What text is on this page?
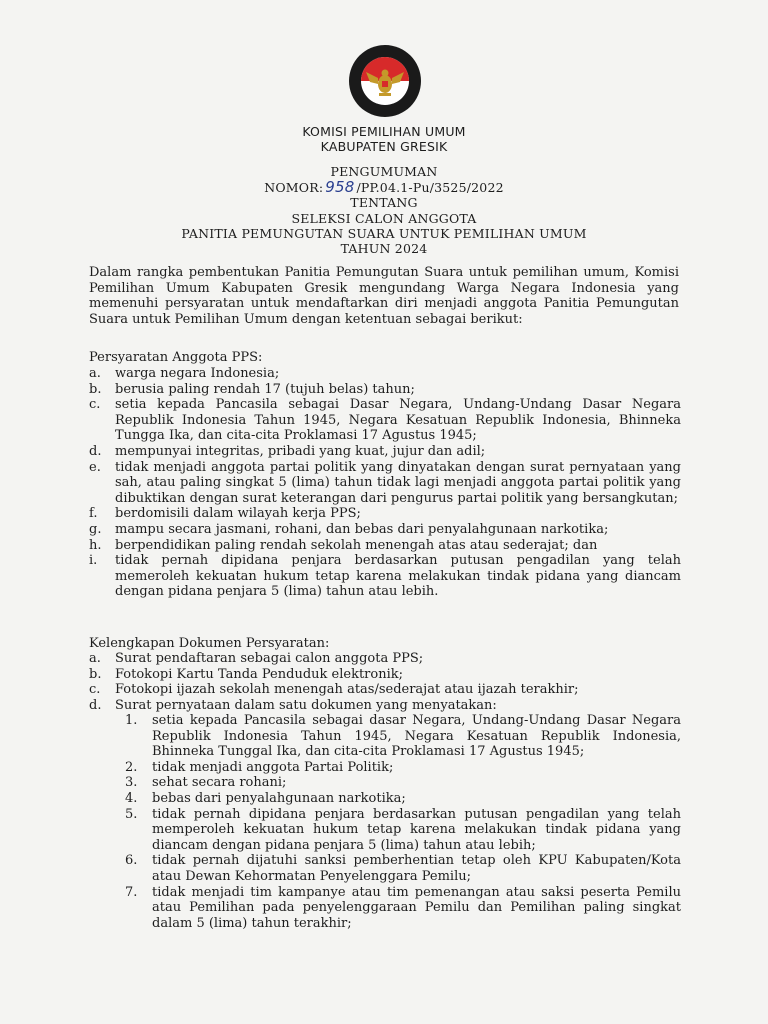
KOMISI PEMILIHAN UMUM
KABUPATEN GRESIK
PENGUMUMAN
NOMOR: 958 /PP.04.1-Pu/3525/2022
TENTANG
SELEKSI CALON ANGGOTA
PANITIA PEMUNGUTAN SUARA UNTUK PEMILIHAN UMUM
TAHUN 2024
Dalam rangka pembentukan Panitia Pemungutan Suara untuk pemilihan umum, Komisi Pemilihan Umum Kabupaten Gresik mengundang Warga Negara Indonesia yang memenuhi persyaratan untuk mendaftarkan diri menjadi anggota Panitia Pemungutan Suara untuk Pemilihan Umum dengan ketentuan sebagai berikut:
Persyaratan Anggota PPS:
a.	warga negara Indonesia;
b.	berusia paling rendah 17 (tujuh belas) tahun;
c.	setia kepada Pancasila sebagai Dasar Negara, Undang-Undang Dasar Negara Republik Indonesia Tahun 1945, Negara Kesatuan Republik Indonesia, Bhinneka Tungga Ika, dan cita-cita Proklamasi 17 Agustus 1945;
d.	mempunyai integritas, pribadi yang kuat, jujur dan adil;
e.	tidak menjadi anggota partai politik yang dinyatakan dengan surat pernyataan yang sah, atau paling singkat 5 (lima) tahun tidak lagi menjadi anggota partai politik yang dibuktikan dengan surat keterangan dari pengurus partai politik yang bersangkutan;
f.	berdomisili dalam wilayah kerja PPS;
g.	mampu secara jasmani, rohani, dan bebas dari penyalahgunaan narkotika;
h.	berpendidikan paling rendah sekolah menengah atas atau sederajat; dan
i.	tidak pernah dipidana penjara berdasarkan putusan pengadilan yang telah memeroleh kekuatan hukum tetap karena melakukan tindak pidana yang diancam dengan pidana penjara 5 (lima) tahun atau lebih.
Kelengkapan Dokumen Persyaratan:
a.	Surat pendaftaran sebagai calon anggota PPS;
b.	Fotokopi Kartu Tanda Penduduk elektronik;
c.	Fotokopi ijazah sekolah menengah atas/sederajat atau ijazah terakhir;
d.	Surat pernyataan dalam satu dokumen yang menyatakan:
1.	setia kepada Pancasila sebagai dasar Negara, Undang-Undang Dasar Negara Republik Indonesia Tahun 1945, Negara Kesatuan Republik Indonesia, Bhinneka Tunggal Ika, dan cita-cita Proklamasi 17 Agustus 1945;
2.	tidak menjadi anggota Partai Politik;
3.	sehat secara rohani;
4.	bebas dari penyalahgunaan narkotika;
5.	tidak pernah dipidana penjara berdasarkan putusan pengadilan yang telah memperoleh kekuatan hukum tetap karena melakukan tindak pidana yang diancam dengan pidana penjara 5 (lima) tahun atau lebih;
6.	tidak pernah dijatuhi sanksi pemberhentian tetap oleh KPU Kabupaten/Kota atau Dewan Kehormatan Penyelenggara Pemilu;
7.	tidak menjadi tim kampanye atau tim pemenangan atau saksi peserta Pemilu atau Pemilihan pada penyelenggaraan Pemilu dan Pemilihan paling singkat dalam 5 (lima) tahun terakhir;
